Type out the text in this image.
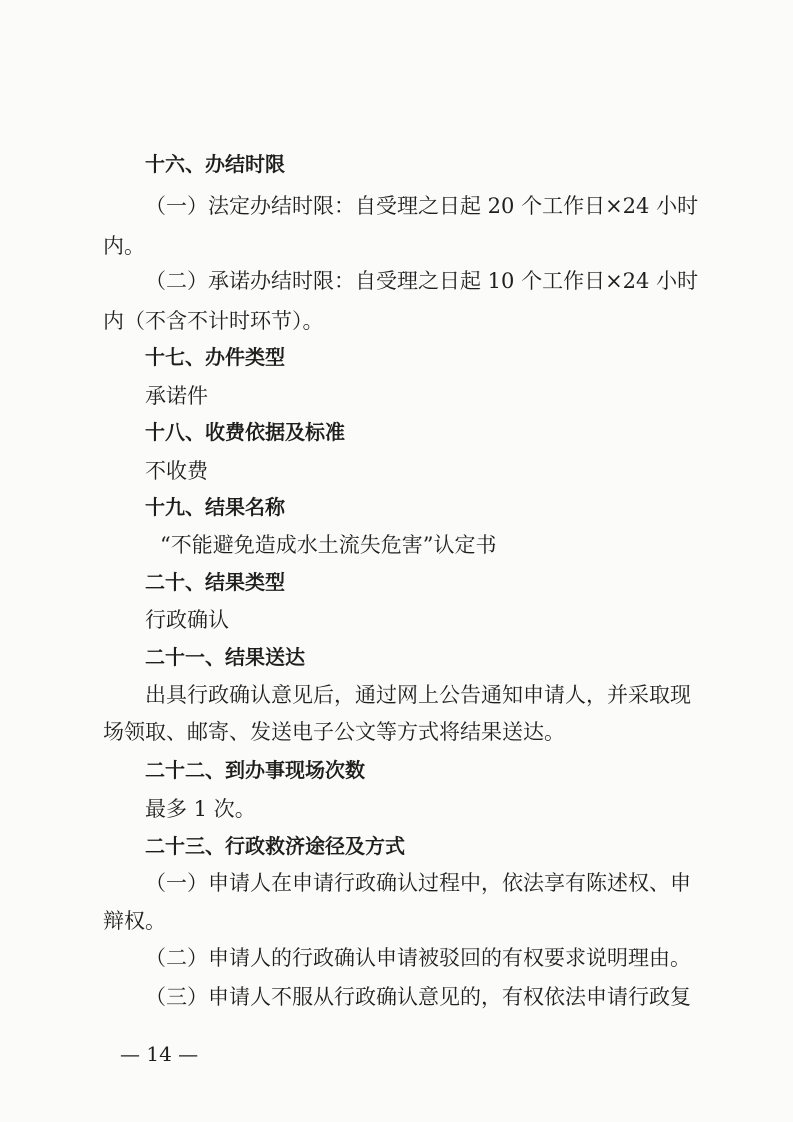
十六、办结时限
（一）法定办结时限：自受理之日起 20 个工作日×24 小时
内。
（二）承诺办结时限：自受理之日起 10 个工作日×24 小时
内（不含不计时环节）。
十七、办件类型
承诺件
十八、收费依据及标准
不收费
十九、结果名称
“不能避免造成水土流失危害”认定书
二十、结果类型
行政确认
二十一、结果送达
出具行政确认意见后，通过网上公告通知申请人，并采取现
场领取、邮寄、发送电子公文等方式将结果送达。
二十二、到办事现场次数
最多 1 次。
二十三、行政救济途径及方式
（一）申请人在申请行政确认过程中，依法享有陈述权、申
辩权。
（二）申请人的行政确认申请被驳回的有权要求说明理由。
（三）申请人不服从行政确认意见的，有权依法申请行政复
— 14 —
